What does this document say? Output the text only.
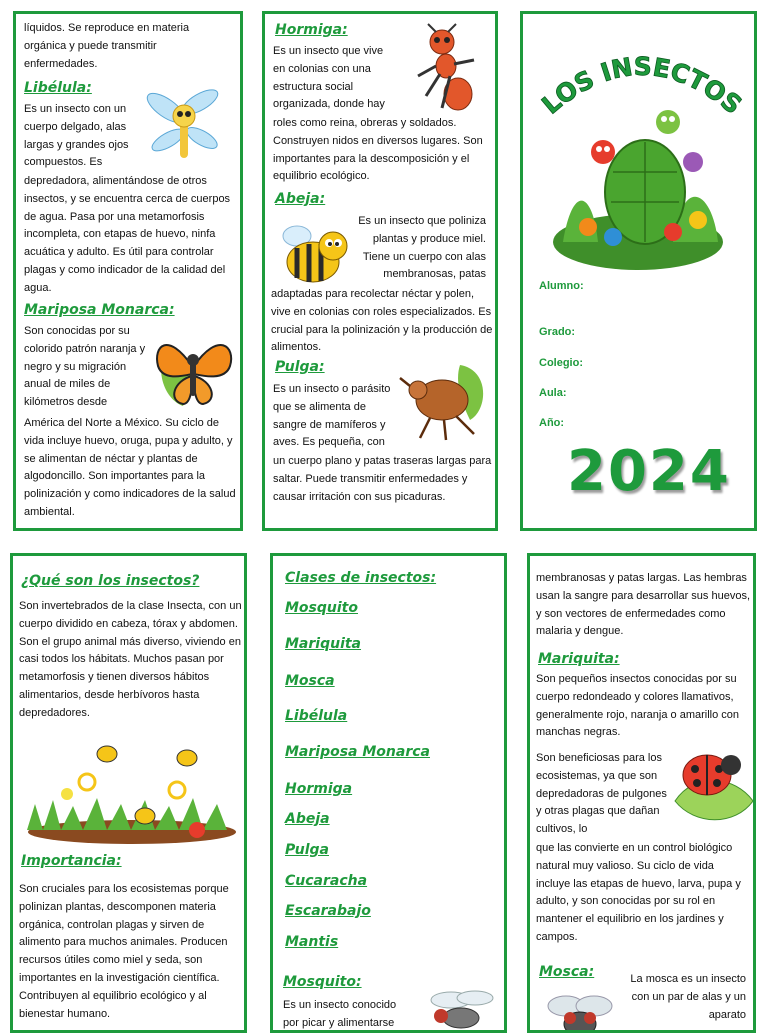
líquidos. Se reproduce en materia orgánica y puede transmitir enfermedades.

Libélula:

Es un insecto con un cuerpo delgado, alas largas y grandes ojos compuestos. Es

depredadora, alimentándose de otros insectos, y se encuentra cerca de cuerpos de agua. Pasa por una metamorfosis incompleta, con etapas de huevo, ninfa acuática y adulto. Es útil para controlar plagas y como indicador de la calidad del agua.

Mariposa Monarca:

Son conocidas por su colorido patrón naranja y negro y su migración anual de miles de kilómetros desde

América del Norte a México. Su ciclo de vida incluye huevo, oruga, pupa y adulto, y se alimentan de néctar y plantas de algodoncillo. Son importantes para la polinización y como indicadores de la salud ambiental.

Hormiga:

Es un insecto que vive en colonias con una estructura social organizada, donde hay

roles como reina, obreras y soldados. Construyen nidos en diversos lugares. Son importantes para la descomposición y el equilibrio ecológico.

Abeja:

Es un insecto que poliniza plantas y produce miel. Tiene un cuerpo con alas membranosas, patas

adaptadas para recolectar néctar y polen, vive en colonias con roles especializados. Es crucial para la polinización y la producción de alimentos.

Pulga:

Es un insecto o parásito que se alimenta de sangre de mamíferos y aves. Es pequeña, con

un cuerpo plano y patas traseras largas para saltar. Puede transmitir enfermedades y causar irritación con sus picaduras.

LOS INSECTOS
Alumno:
Grado:
Colegio:
Aula:
Año:
2024
¿Qué son los insectos?

Son invertebrados de la clase Insecta, con un cuerpo dividido en cabeza, tórax y abdomen. Son el grupo animal más diverso, viviendo en casi todos los hábitats. Muchos pasan por metamorfosis y tienen diversos hábitos alimentarios, desde herbívoros hasta depredadores.

Importancia:

Son cruciales para los ecosistemas porque polinizan plantas, descomponen materia orgánica, controlan plagas y sirven de alimento para muchos animales. Producen recursos útiles como miel y seda, son importantes en la investigación científica. Contribuyen al equilibrio ecológico y al bienestar humano.

Clases de insectos:
Mosquito
Mariquita
Mosca
Libélula
Mariposa Monarca
Hormiga
Abeja
Pulga
Cucaracha
Escarabajo
Mantis
Mosquito:

Es un insecto conocido por picar y alimentarse

membranosas y patas largas. Las hembras usan la sangre para desarrollar sus huevos, y son vectores de enfermedades como malaria y dengue.

Mariquita:

Son pequeños insectos conocidas por su cuerpo redondeado y colores llamativos, generalmente rojo, naranja o amarillo con manchas negras.

Son beneficiosas para los ecosistemas, ya que son depredadoras de pulgones y otras plagas que dañan cultivos, lo

que las convierte en un control biológico natural muy valioso. Su ciclo de vida incluye las etapas de huevo, larva, pupa y adulto, y son conocidas por su rol en mantener el equilibrio en los jardines y campos.

Mosca:	La mosca es un insecto con un par de alas y un aparato
